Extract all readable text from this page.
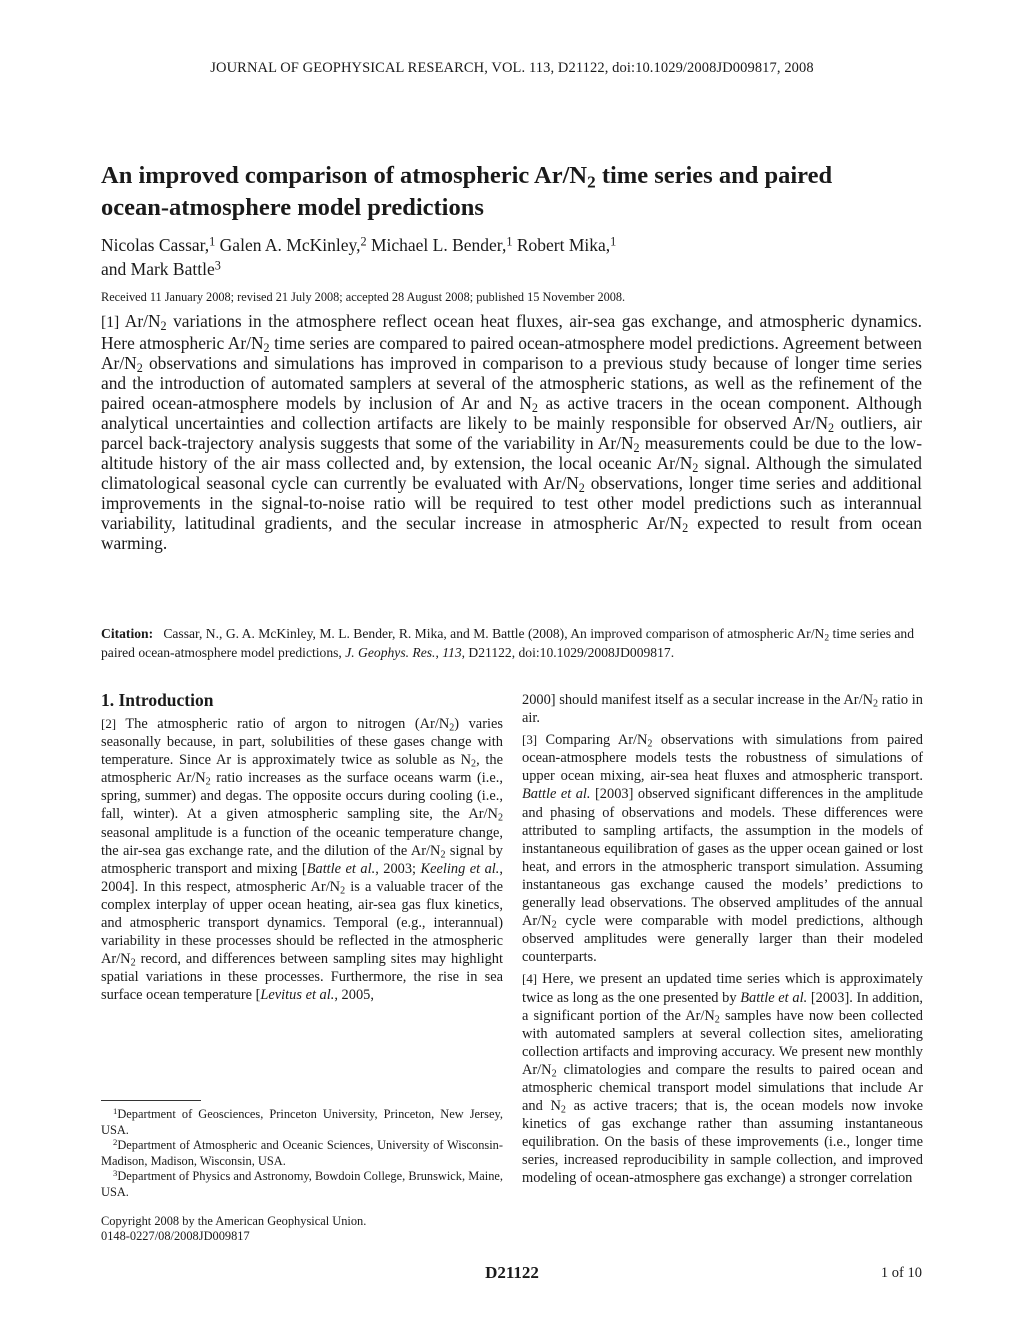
JOURNAL OF GEOPHYSICAL RESEARCH, VOL. 113, D21122, doi:10.1029/2008JD009817, 2008
An improved comparison of atmospheric $Ar/N_2$ time series and paired
ocean-atmosphere model predictions
Nicolas Cassar,$^1$ Galen A. McKinley,$^2$ Michael L. Bender,$^1$ Robert Mika,$^1$
and Mark Battle$^3$
Received 11 January 2008; revised 21 July 2008; accepted 28 August 2008; published 15 November 2008.
[1] $Ar/N_2$ variations in the atmosphere reflect ocean heat fluxes, air-sea gas exchange, and atmospheric dynamics. Here atmospheric $Ar/N_2$ time series are compared to paired ocean-atmosphere model predictions. Agreement between $Ar/N_2$ observations and simulations has improved in comparison to a previous study because of longer time series and the introduction of automated samplers at several of the atmospheric stations, as well as the refinement of the paired ocean-atmosphere models by inclusion of Ar and $N_2$ as active tracers in the ocean component. Although analytical uncertainties and collection artifacts are likely to be mainly responsible for observed $Ar/N_2$ outliers, air parcel back-trajectory analysis suggests that some of the variability in $Ar/N_2$ measurements could be due to the low-altitude history of the air mass collected and, by extension, the local oceanic $Ar/N_2$ signal. Although the simulated climatological seasonal cycle can currently be evaluated with $Ar/N_2$ observations, longer time series and additional improvements in the signal-to-noise ratio will be required to test other model predictions such as interannual variability, latitudinal gradients, and the secular increase in atmospheric $Ar/N_2$ expected to result from ocean warming.
Citation: Cassar, N., G. A. McKinley, M. L. Bender, R. Mika, and M. Battle (2008), An improved comparison of atmospheric $Ar/N_2$ time series and paired ocean-atmosphere model predictions, J. Geophys. Res., 113, D21122, doi:10.1029/2008JD009817.
1. Introduction

[2] The atmospheric ratio of argon to nitrogen $(Ar/N_2)$ varies seasonally because, in part, solubilities of these gases change with temperature. Since Ar is approximately twice as soluble as $N_2$, the atmospheric $Ar/N_2$ ratio increases as the surface oceans warm (i.e., spring, summer) and degas. The opposite occurs during cooling (i.e., fall, winter). At a given atmospheric sampling site, the $Ar/N_2$ seasonal amplitude is a function of the oceanic temperature change, the air-sea gas exchange rate, and the dilution of the $Ar/N_2$ signal by atmospheric transport and mixing [Battle et al., 2003; Keeling et al., 2004]. In this respect, atmospheric $Ar/N_2$ is a valuable tracer of the complex interplay of upper ocean heating, air-sea gas flux kinetics, and atmospheric transport dynamics. Temporal (e.g., interannual) variability in these processes should be reflected in the atmospheric $Ar/N_2$ record, and differences between sampling sites may highlight spatial variations in these processes. Furthermore, the rise in sea surface ocean temperature [Levitus et al., 2005,

2000] should manifest itself as a secular increase in the $Ar/N_2$ ratio in air.

[3] Comparing $Ar/N_2$ observations with simulations from paired ocean-atmosphere models tests the robustness of simulations of upper ocean mixing, air-sea heat fluxes and atmospheric transport. Battle et al. [2003] observed significant differences in the amplitude and phasing of observations and models. These differences were attributed to sampling artifacts, the assumption in the models of instantaneous equilibration of gases as the upper ocean gained or lost heat, and errors in the atmospheric transport simulation. Assuming instantaneous gas exchange caused the models’ predictions to generally lead observations. The observed amplitudes of the annual $Ar/N_2$ cycle were comparable with model predictions, although observed amplitudes were generally larger than their modeled counterparts.

[4] Here, we present an updated time series which is approximately twice as long as the one presented by Battle et al. [2003]. In addition, a significant portion of the $Ar/N_2$ samples have now been collected with automated samplers at several collection sites, ameliorating collection artifacts and improving accuracy. We present new monthly $Ar/N_2$ climatologies and compare the results to paired ocean and atmospheric chemical transport model simulations that include Ar and $N_2$ as active tracers; that is, the ocean models now invoke kinetics of gas exchange rather than assuming instantaneous equilibration. On the basis of these improvements (i.e., longer time series, increased reproducibility in sample collection, and improved modeling of ocean-atmosphere gas exchange) a stronger correlation

$^1$Department of Geosciences, Princeton University, Princeton, New Jersey, USA.

$^2$Department of Atmospheric and Oceanic Sciences, University of Wisconsin-Madison, Madison, Wisconsin, USA.

$^3$Department of Physics and Astronomy, Bowdoin College, Brunswick, Maine, USA.

Copyright 2008 by the American Geophysical Union.
0148-0227/08/2008JD009817
D21122	1 of 10
